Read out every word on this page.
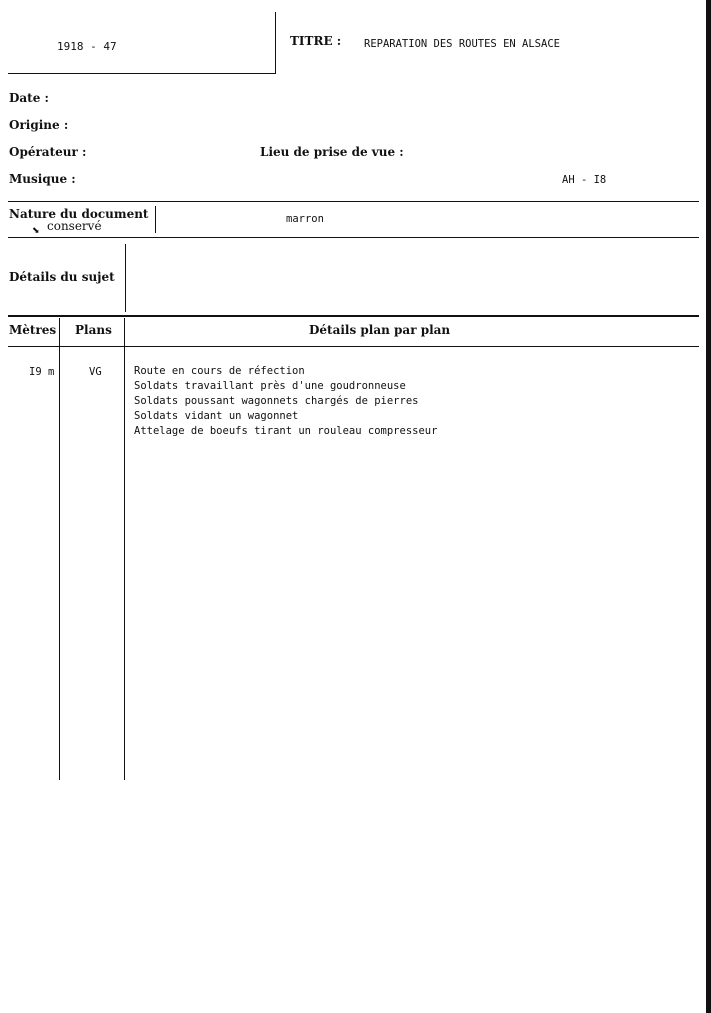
1918 - 47	TITRE : REPARATION DES ROUTES EN ALSACE
Date :
Origine :
Opérateur :	Lieu de prise de vue :
Musique :	AH - I8
Nature du document
conservé
⬊
marron
Détails du sujet
Mètres Plans	Détails plan par plan
I9 m	VG	Route en cours de réfection
Soldats travaillant près d'une goudronneuse
Soldats poussant wagonnets chargés de pierres
Soldats vidant un wagonnet
Attelage de boeufs tirant un rouleau compresseur
